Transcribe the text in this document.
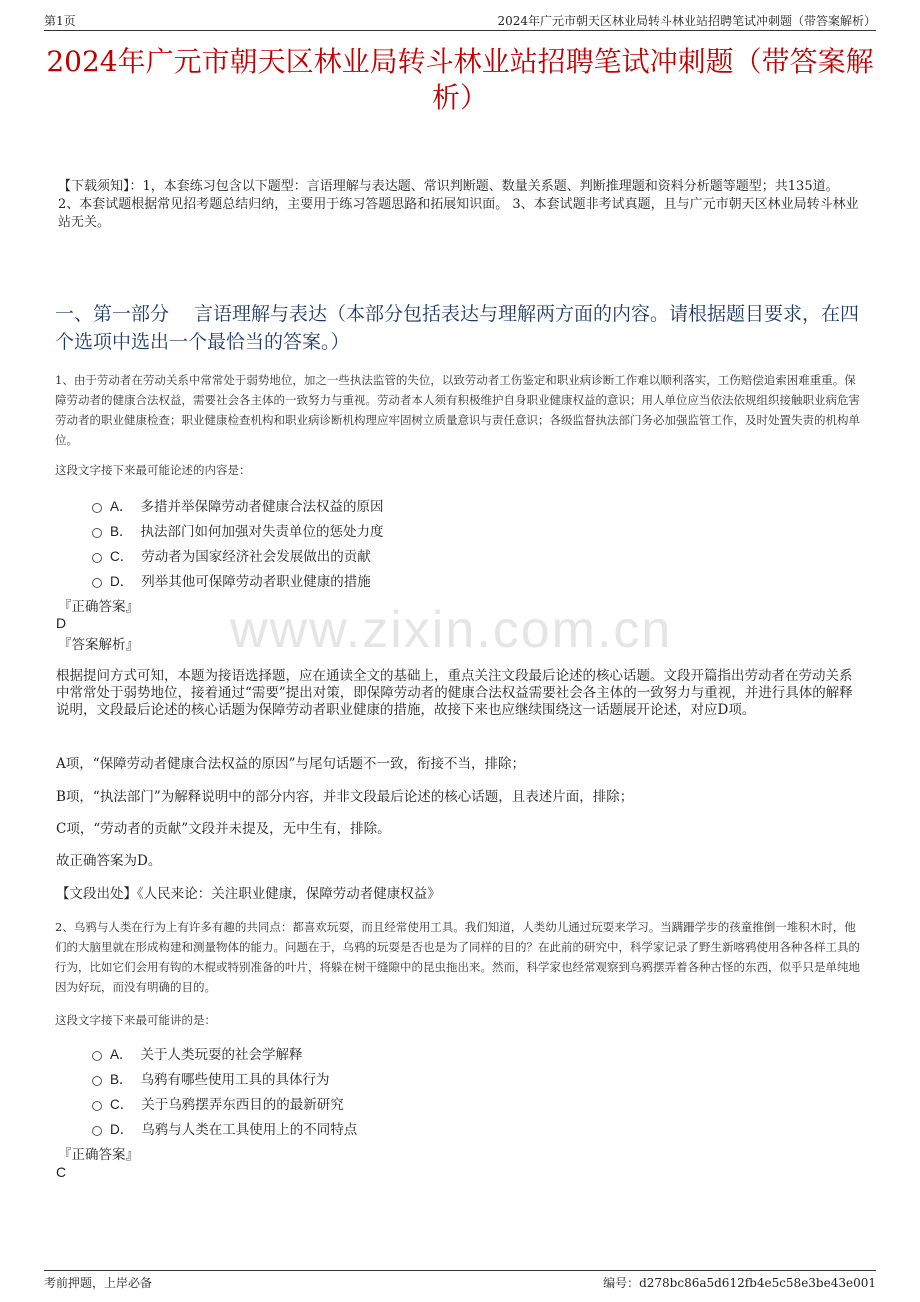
第1页	2024年广元市朝天区林业局转斗林业站招聘笔试冲刺题（带答案解析）
2024年广元市朝天区林业局转斗林业站招聘笔试冲刺题（带答案解析）
【下载须知】：1，本套练习包含以下题型：言语理解与表达题、常识判断题、数量关系题、判断推理题和资料分析题等题型；共135道。 2、本套试题根据常见招考题总结归纳，主要用于练习答题思路和拓展知识面。 3、本套试题非考试真题，且与广元市朝天区林业局转斗林业站无关。
一、第一部分　 言语理解与表达（本部分包括表达与理解两方面的内容。请根据题目要求，在四个选项中选出一个最恰当的答案。）
1、由于劳动者在劳动关系中常常处于弱势地位，加之一些执法监管的失位，以致劳动者工伤鉴定和职业病诊断工作难以顺利落实，工伤赔偿追索困难重重。保障劳动者的健康合法权益，需要社会各主体的一致努力与重视。劳动者本人须有积极维护自身职业健康权益的意识；用人单位应当依法依规组织接触职业病危害劳动者的职业健康检查；职业健康检查机构和职业病诊断机构理应牢固树立质量意识与责任意识；各级监督执法部门务必加强监管工作，及时处置失责的机构单位。
这段文字接下来最可能论述的内容是：
A． 多措并举保障劳动者健康合法权益的原因
B． 执法部门如何加强对失责单位的惩处力度
C． 劳动者为国家经济社会发展做出的贡献
D． 列举其他可保障劳动者职业健康的措施
『正确答案』
D
『答案解析』
根据提问方式可知，本题为接语选择题，应在通读全文的基础上，重点关注文段最后论述的核心话题。文段开篇指出劳动者在劳动关系中常常处于弱势地位，接着通过“需要”提出对策，即保障劳动者的健康合法权益需要社会各主体的一致努力与重视，并进行具体的解释说明，文段最后论述的核心话题为保障劳动者职业健康的措施，故接下来也应继续围绕这一话题展开论述，对应D项。
A项，“保障劳动者健康合法权益的原因”与尾句话题不一致，衔接不当，排除；
B项，“执法部门”为解释说明中的部分内容，并非文段最后论述的核心话题，且表述片面，排除；
C项，“劳动者的贡献”文段并未提及，无中生有，排除。
故正确答案为D。
【文段出处】《人民来论：关注职业健康，保障劳动者健康权益》
2、乌鸦与人类在行为上有许多有趣的共同点：都喜欢玩耍，而且经常使用工具。我们知道，人类幼儿通过玩耍来学习。当蹒跚学步的孩童推倒一堆积木时，他们的大脑里就在形成构建和测量物体的能力。问题在于，乌鸦的玩耍是否也是为了同样的目的？在此前的研究中，科学家记录了野生新喀鸦使用各种各样工具的行为，比如它们会用有钩的木棍或特别准备的叶片，将躲在树干缝隙中的昆虫拖出来。然而，科学家也经常观察到乌鸦摆弄着各种古怪的东西，似乎只是单纯地因为好玩，而没有明确的目的。
这段文字接下来最可能讲的是：
A． 关于人类玩耍的社会学解释
B． 乌鸦有哪些使用工具的具体行为
C． 关于乌鸦摆弄东西目的的最新研究
D． 乌鸦与人类在工具使用上的不同特点
『正确答案』
C
www.zixin.com.cn
考前押题，上岸必备	编号：d278bc86a5d612fb4e5c58e3be43e001
